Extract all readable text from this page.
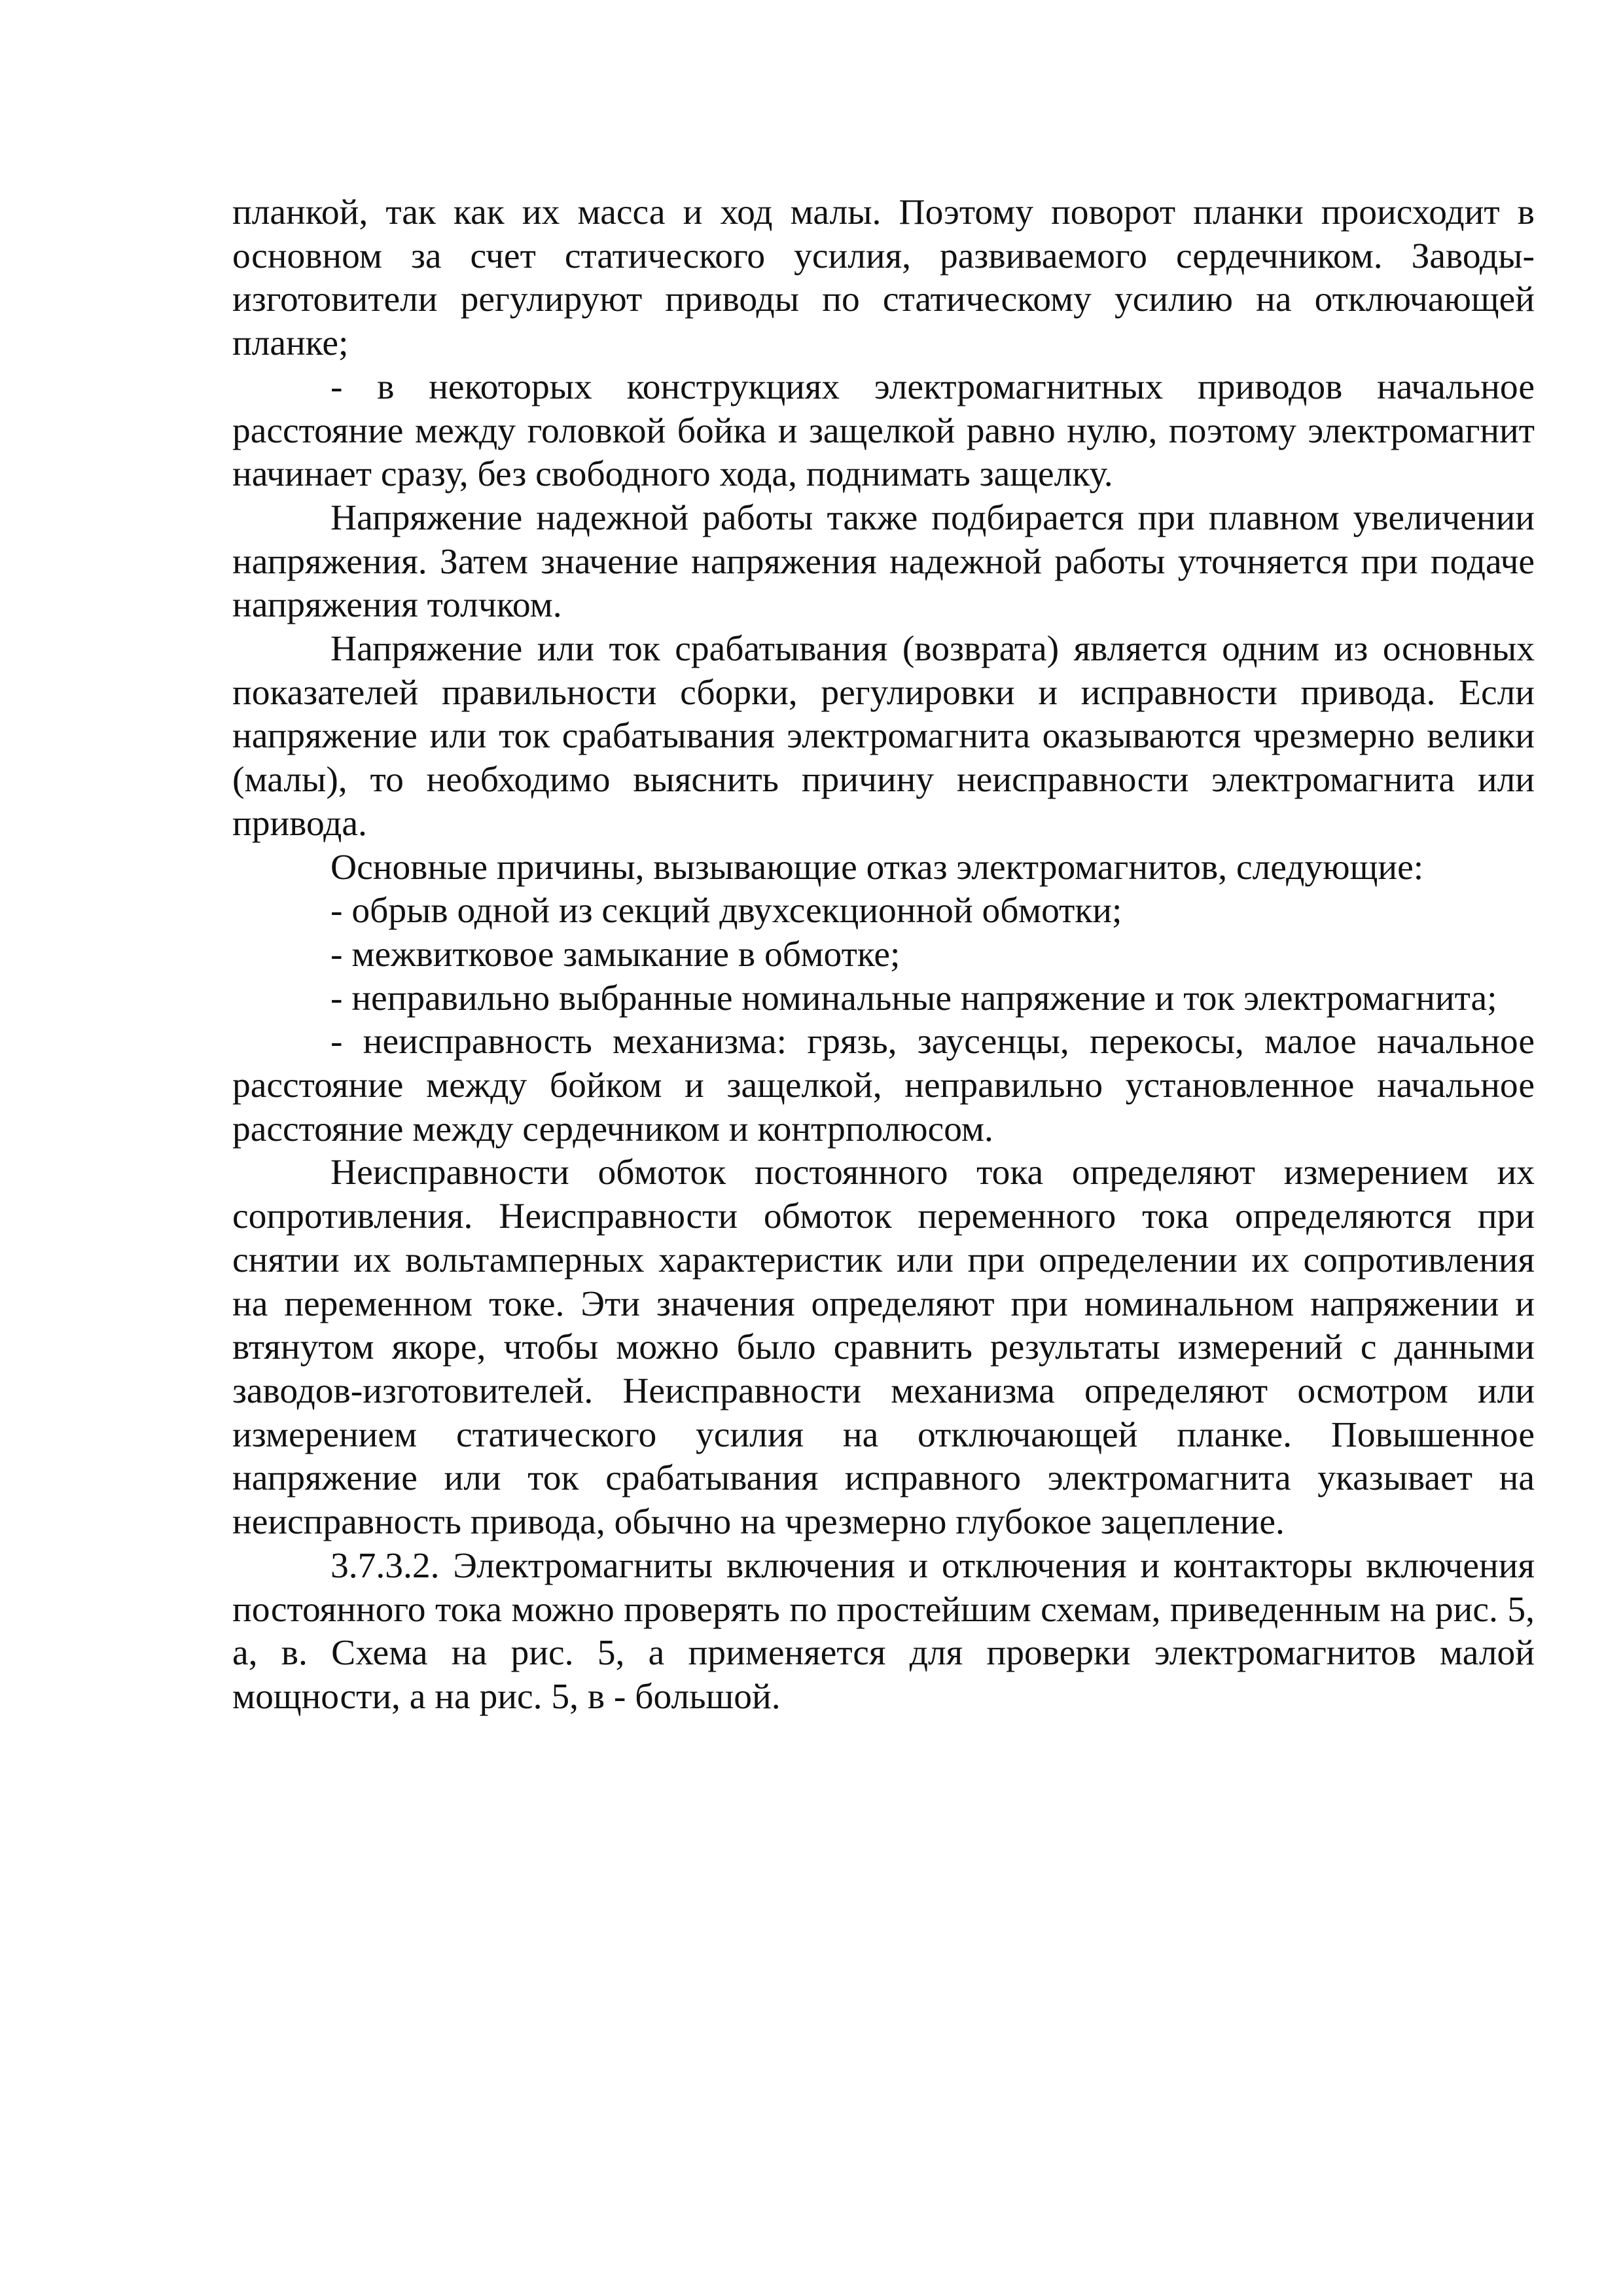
планкой, так как их масса и ход малы. Поэтому поворот планки происходит в основном за счет статического усилия, развиваемого сердечником. Заводы-изготовители регулируют приводы по статическому усилию на отключающей планке;

- в некоторых конструкциях электромагнитных приводов начальное расстояние между головкой бойка и защелкой равно нулю, поэтому электромагнит начинает сразу, без свободного хода, поднимать защелку.

Напряжение надежной работы также подбирается при плавном увеличении напряжения. Затем значение напряжения надежной работы уточняется при подаче напряжения толчком.

Напряжение или ток срабатывания (возврата) является одним из основных показателей правильности сборки, регулировки и исправности привода. Если напряжение или ток срабатывания электромагнита оказываются чрезмерно велики (малы), то необходимо выяснить причину неисправности электромагнита или привода.

Основные причины, вызывающие отказ электромагнитов, следующие:

- обрыв одной из секций двухсекционной обмотки;

- межвитковое замыкание в обмотке;

- неправильно выбранные номинальные напряжение и ток электромагнита;

- неисправность механизма: грязь, заусенцы, перекосы, малое начальное расстояние между бойком и защелкой, неправильно установленное начальное расстояние между сердечником и контрполюсом.

Неисправности обмоток постоянного тока определяют измерением их сопротивления. Неисправности обмоток переменного тока определяются при снятии их вольтамперных характеристик или при определении их сопротивления на переменном токе. Эти значения определяют при номинальном напряжении и втянутом якоре, чтобы можно было сравнить результаты измерений с данными заводов-изготовителей. Неисправности механизма определяют осмотром или измерением статического усилия на отключающей планке. Повышенное напряжение или ток срабатывания исправного электромагнита указывает на неисправность привода, обычно на чрезмерно глубокое зацепление.

3.7.3.2. Электромагниты включения и отключения и контакторы включения постоянного тока можно проверять по простейшим схемам, приведенным на рис. 5, а, в. Схема на рис. 5, а применяется для проверки электромагнитов малой мощности, а на рис. 5, в - большой.
